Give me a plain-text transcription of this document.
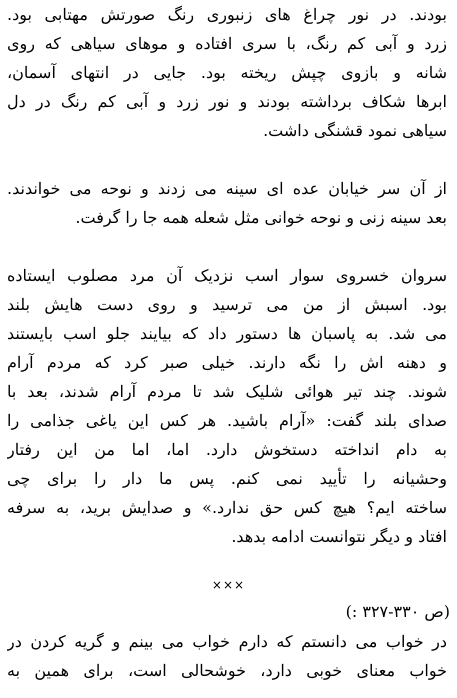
بودند. در نور چراغ های زنبوری رنگ صورتش مهتابی بود.
زرد و آبی کم رنگ، با سری افتاده و موهای سیاهی که روی
شانه و بازوی چپش ریخته بود. جایی در انتهای آسمان،
ابرها شکاف برداشته بودند و نور زرد و آبی کم رنگ در دل
سیاهی نمود قشنگی داشت.
از آن سر خیابان عده ای سینه می زدند و نوحه می خواندند.
بعد سینه زنی و نوحه خوانی مثل شعله همه جا را گرفت.
سروان خسروی سوار اسب نزدیک آن مرد مصلوب ایستاده
بود. اسبش از من می ترسید و روی دست هایش بلند
می شد. به پاسبان ها دستور داد که بیایند جلو اسب بایستند
و دهنه اش را نگه دارند. خیلی صبر کرد که مردم آرام
شوند. چند تیر هوائی شلیک شد تا مردم آرام شدند، بعد با
صدای بلند گفت: «آرام باشید. هر کس این یاغی جذامی را
به دام انداخته دستخوش دارد. اما، اما من این رفتار
وحشیانه را تأیید نمی کنم. پس ما دار را برای چی
ساخته ایم؟ هیچ کس حق ندارد.» و صدایش برید، به سرفه
افتاد و دیگر نتوانست ادامه بدهد.
×××
(ص ۳۳۰-۳۲۷ :)
در خواب می دانستم که دارم خواب می بینم و گریه کردن در
خواب معنای خوبی دارد، خوشحالی است، برای همین به
